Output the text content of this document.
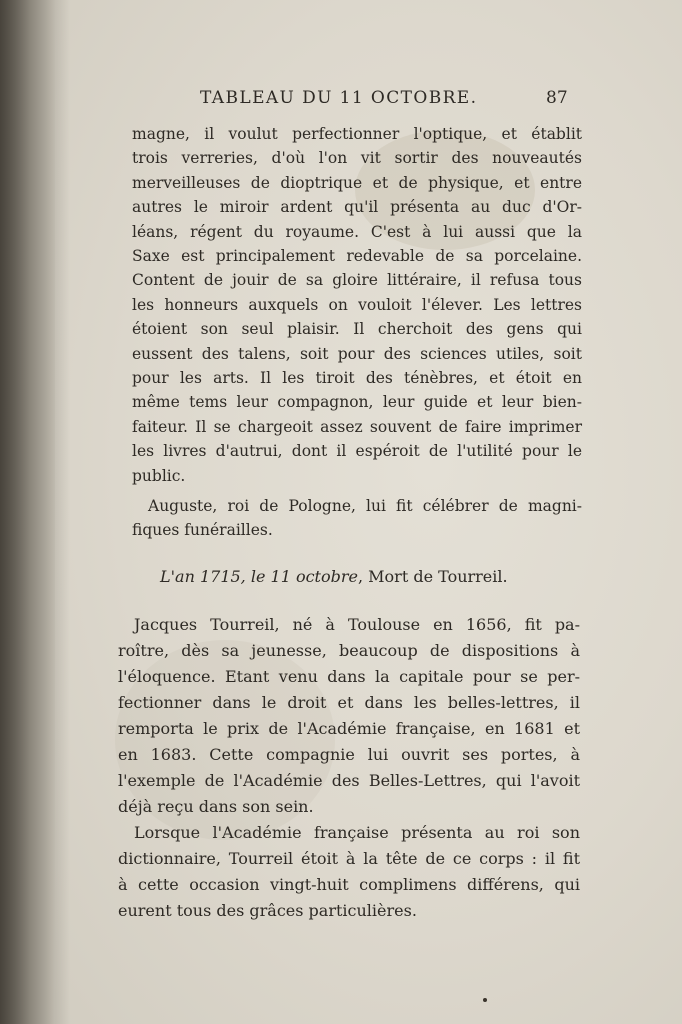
TABLEAU DU 11 OCTOBRE.	87
magne, il voulut perfectionner l'optique, et établit
trois verreries, d'où l'on vit sortir des nouveautés
merveilleuses de dioptrique et de physique, et entre
autres le miroir ardent qu'il présenta au duc d'Or-
léans, régent du royaume. C'est à lui aussi que la
Saxe est principalement redevable de sa porcelaine.
Content de jouir de sa gloire littéraire, il refusa tous
les honneurs auxquels on vouloit l'élever. Les lettres
étoient son seul plaisir. Il cherchoit des gens qui
eussent des talens, soit pour des sciences utiles, soit
pour les arts. Il les tiroit des ténèbres, et étoit en
même tems leur compagnon, leur guide et leur bien-
faiteur. Il se chargeoit assez souvent de faire imprimer
les livres d'autrui, dont il espéroit de l'utilité pour le
public.
Auguste, roi de Pologne, lui fit célébrer de magni-
fiques funérailles.
L'an 1715, le 11 octobre, Mort de Tourreil.
Jacques Tourreil, né à Toulouse en 1656, fit pa-
roître, dès sa jeunesse, beaucoup de dispositions à
l'éloquence. Etant venu dans la capitale pour se per-
fectionner dans le droit et dans les belles-lettres, il
remporta le prix de l'Académie française, en 1681 et
en 1683. Cette compagnie lui ouvrit ses portes, à
l'exemple de l'Académie des Belles-Lettres, qui l'avoit
déjà reçu dans son sein.
Lorsque l'Académie française présenta au roi son
dictionnaire, Tourreil étoit à la tête de ce corps : il fit
à cette occasion vingt-huit complimens différens, qui
eurent tous des grâces particulières.
